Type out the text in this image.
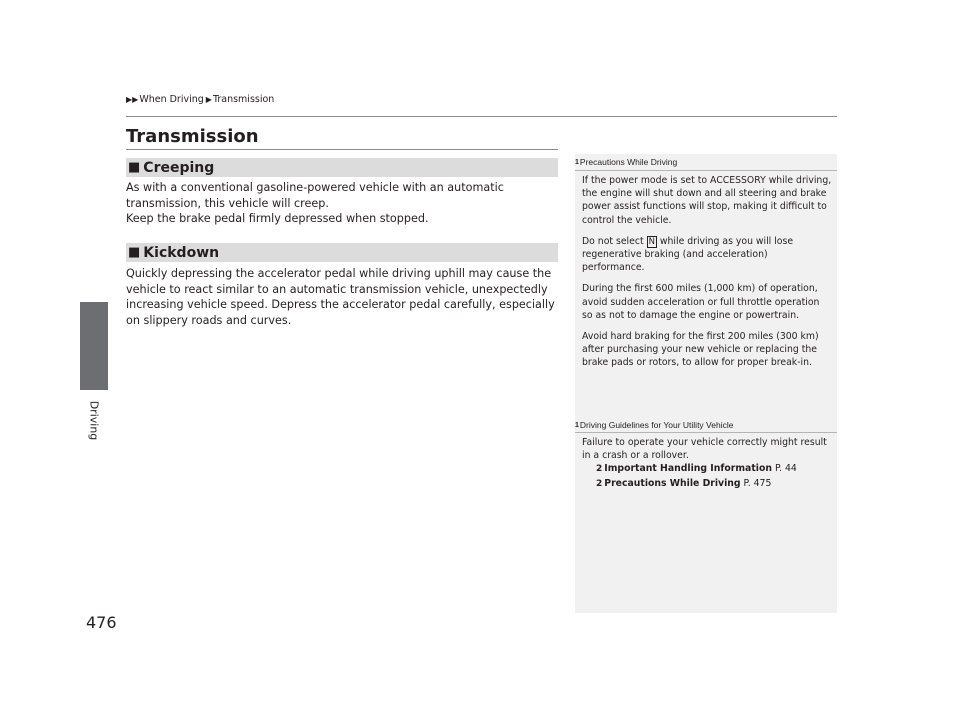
Driving
476
▶▶ When Driving ▶ Transmission
Transmission
■ Creeping

As with a conventional gasoline-powered vehicle with an automatic transmission, this vehicle will creep.

Keep the brake pedal firmly depressed when stopped.

■ Kickdown

Quickly depressing the accelerator pedal while driving uphill may cause the vehicle to react similar to an automatic transmission vehicle, unexpectedly increasing vehicle speed. Depress the accelerator pedal carefully, especially on slippery roads and curves.

1 Precautions While Driving

If the power mode is set to ACCESSORY while driving, the engine will shut down and all steering and brake power assist functions will stop, making it difficult to control the vehicle.

Do not select N while driving as you will lose regenerative braking (and acceleration) performance.

During the first 600 miles (1,000 km) of operation, avoid sudden acceleration or full throttle operation so as not to damage the engine or powertrain.

Avoid hard braking for the first 200 miles (300 km) after purchasing your new vehicle or replacing the brake pads or rotors, to allow for proper break-in.

1 Driving Guidelines for Your Utility Vehicle
Failure to operate your vehicle correctly might result in a crash or a rollover.
2 Important Handling Information P. 44
2 Precautions While Driving P. 475
